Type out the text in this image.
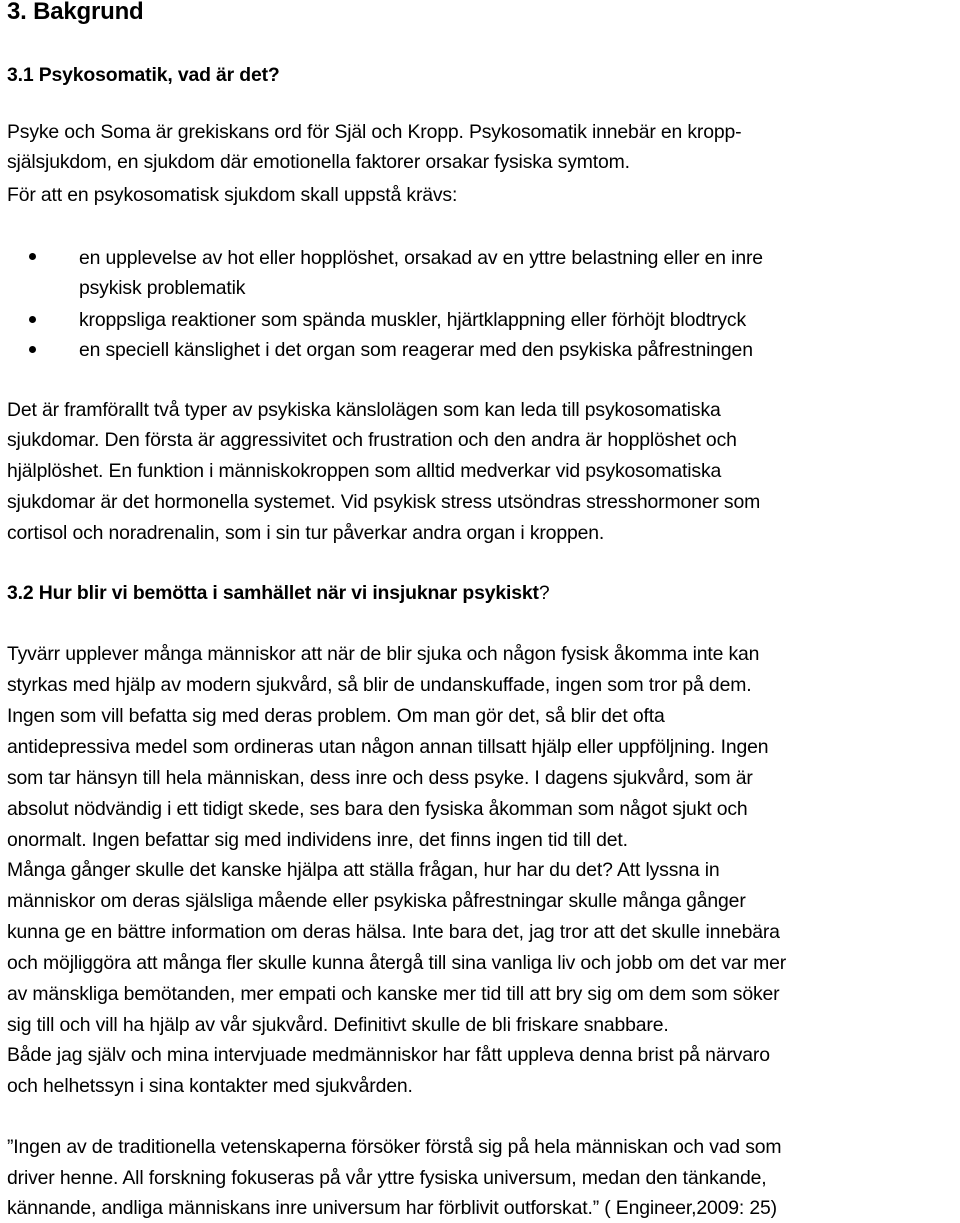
3. Bakgrund
3.1 Psykosomatik, vad är det?
Psyke och Soma är grekiskans ord för Själ och Kropp. Psykosomatik innebär en kropp-
själsjukdom, en sjukdom där emotionella faktorer orsakar fysiska symtom.
För att en psykosomatisk sjukdom skall uppstå krävs:
en upplevelse av hot eller hopplöshet, orsakad av en yttre belastning eller en inre
psykisk problematik
kroppsliga reaktioner som spända muskler, hjärtklappning eller förhöjt blodtryck
en speciell känslighet i det organ som reagerar med den psykiska påfrestningen
Det är framförallt två typer av psykiska känslolägen som kan leda till psykosomatiska
sjukdomar. Den första är aggressivitet och frustration och den andra är hopplöshet och
hjälplöshet. En funktion i människokroppen som alltid medverkar vid psykosomatiska
sjukdomar är det hormonella systemet. Vid psykisk stress utsöndras stresshormoner som
cortisol och noradrenalin, som i sin tur påverkar andra organ i kroppen.
3.2 Hur blir vi bemötta i samhället när vi insjuknar psykiskt?
Tyvärr upplever många människor att när de blir sjuka och någon fysisk åkomma inte kan
styrkas med hjälp av modern sjukvård, så blir de undanskuffade, ingen som tror på dem.
Ingen som vill befatta sig med deras problem. Om man gör det, så blir det ofta
antidepressiva medel som ordineras utan någon annan tillsatt hjälp eller uppföljning. Ingen
som tar hänsyn till hela människan, dess inre och dess psyke. I dagens sjukvård, som är
absolut nödvändig i ett tidigt skede, ses bara den fysiska åkomman som något sjukt och
onormalt. Ingen befattar sig med individens inre, det finns ingen tid till det.
Många gånger skulle det kanske hjälpa att ställa frågan, hur har du det? Att lyssna in
människor om deras själsliga mående eller psykiska påfrestningar skulle många gånger
kunna ge en bättre information om deras hälsa. Inte bara det, jag tror att det skulle innebära
och möjliggöra att många fler skulle kunna återgå till sina vanliga liv och jobb om det var mer
av mänskliga bemötanden, mer empati och kanske mer tid till att bry sig om dem som söker
sig till och vill ha hjälp av vår sjukvård. Definitivt skulle de bli friskare snabbare.
Både jag själv och mina intervjuade medmänniskor har fått uppleva denna brist på närvaro
och helhetssyn i sina kontakter med sjukvården.
”Ingen av de traditionella vetenskaperna försöker förstå sig på hela människan och vad som
driver henne. All forskning fokuseras på vår yttre fysiska universum, medan den tänkande,
kännande, andliga människans inre universum har förblivit outforskat.” ( Engineer,2009: 25)
